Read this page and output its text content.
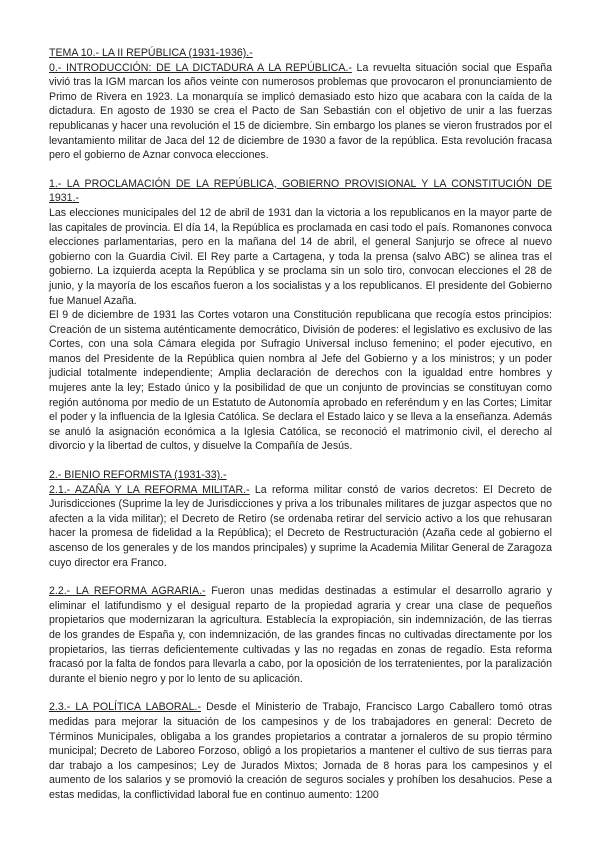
TEMA 10.- LA II REPÚBLICA (1931-1936).-

0.- INTRODUCCIÓN: DE LA DICTADURA A LA REPÚBLICA.- La revuelta situación social que España vivió tras la IGM marcan los años veinte con numerosos problemas que provocaron el pronunciamiento de Primo de Rivera en 1923. La monarquía se implicó demasiado esto hizo que acabara con la caída de la dictadura. En agosto de 1930 se crea el Pacto de San Sebastián con el objetivo de unir a las fuerzas republicanas y hacer una revolución el 15 de diciembre. Sin embargo los planes se vieron frustrados por el levantamiento militar de Jaca del 12 de diciembre de 1930 a favor de la república. Esta revolución fracasa pero el gobierno de Aznar convoca elecciones.

1.- LA PROCLAMACIÓN DE LA REPÚBLICA, GOBIERNO PROVISIONAL Y LA CONSTITUCIÓN DE 1931.-

Las elecciones municipales del 12 de abril de 1931 dan la victoria a los republicanos en la mayor parte de las capitales de provincia. El día 14, la República es proclamada en casi todo el país. Romanones convoca elecciones parlamentarias, pero en la mañana del 14 de abril, el general Sanjurjo se ofrece al nuevo gobierno con la Guardia Civil. El Rey parte a Cartagena, y toda la prensa (salvo ABC) se alinea tras el gobierno. La izquierda acepta la República y se proclama sin un solo tiro, convocan elecciones el 28 de junio, y la mayoría de los escaños fueron a los socialistas y a los republicanos. El presidente del Gobierno fue Manuel Azaña.

El 9 de diciembre de 1931 las Cortes votaron una Constitución republicana que recogía estos principios: Creación de un sistema auténticamente democrático, División de poderes: el legislativo es exclusivo de las Cortes, con una sola Cámara elegida por Sufragio Universal incluso femenino; el poder ejecutivo, en manos del Presidente de la República quien nombra al Jefe del Gobierno y a los ministros; y un poder judicial totalmente independiente; Amplia declaración de derechos con la igualdad entre hombres y mujeres ante la ley; Estado único y la posibilidad de que un conjunto de provincias se constituyan como región autónoma por medio de un Estatuto de Autonomía aprobado en referéndum y en las Cortes; Limitar el poder y la influencia de la Iglesia Católica. Se declara el Estado laico y se lleva a la enseñanza. Además se anuló la asignación económica a la Iglesia Católica, se reconoció el matrimonio civil, el derecho al divorcio y la libertad de cultos, y disuelve la Compañía de Jesús.

2.- BIENIO REFORMISTA (1931-33).-

2.1.- AZAÑA Y LA REFORMA MILITAR.- La reforma militar constó de varios decretos: El Decreto de Jurisdicciones (Suprime la ley de Jurisdicciones y priva a los tribunales militares de juzgar aspectos que no afecten a la vida militar); el Decreto de Retiro (se ordenaba retirar del servicio activo a los que rehusaran hacer la promesa de fidelidad a la República); el Decreto de Restructuración (Azaña cede al gobierno el ascenso de los generales y de los mandos principales) y suprime la Academia Militar General de Zaragoza cuyo director era Franco.

2.2.- LA REFORMA AGRARIA.- Fueron unas medidas destinadas a estimular el desarrollo agrario y eliminar el latifundismo y el desigual reparto de la propiedad agraria y crear una clase de pequeños propietarios que modernizaran la agricultura. Establecía la expropiación, sin indemnización, de las tierras de los grandes de España y, con indemnización, de las grandes fincas no cultivadas directamente por los propietarios, las tierras deficientemente cultivadas y las no regadas en zonas de regadío. Esta reforma fracasó por la falta de fondos para llevarla a cabo, por la oposición de los terratenientes, por la paralización durante el bienio negro y por lo lento de su aplicación.

2.3.- LA POLÍTICA LABORAL.- Desde el Ministerio de Trabajo, Francisco Largo Caballero tomó otras medidas para mejorar la situación de los campesinos y de los trabajadores en general: Decreto de Términos Municipales, obligaba a los grandes propietarios a contratar a jornaleros de su propio término municipal; Decreto de Laboreo Forzoso, obligó a los propietarios a mantener el cultivo de sus tierras para dar trabajo a los campesinos; Ley de Jurados Mixtos; Jornada de 8 horas para los campesinos y el aumento de los salarios y se promovió la creación de seguros sociales y prohíben los desahucios. Pese a estas medidas, la conflictividad laboral fue en continuo aumento: 1200
